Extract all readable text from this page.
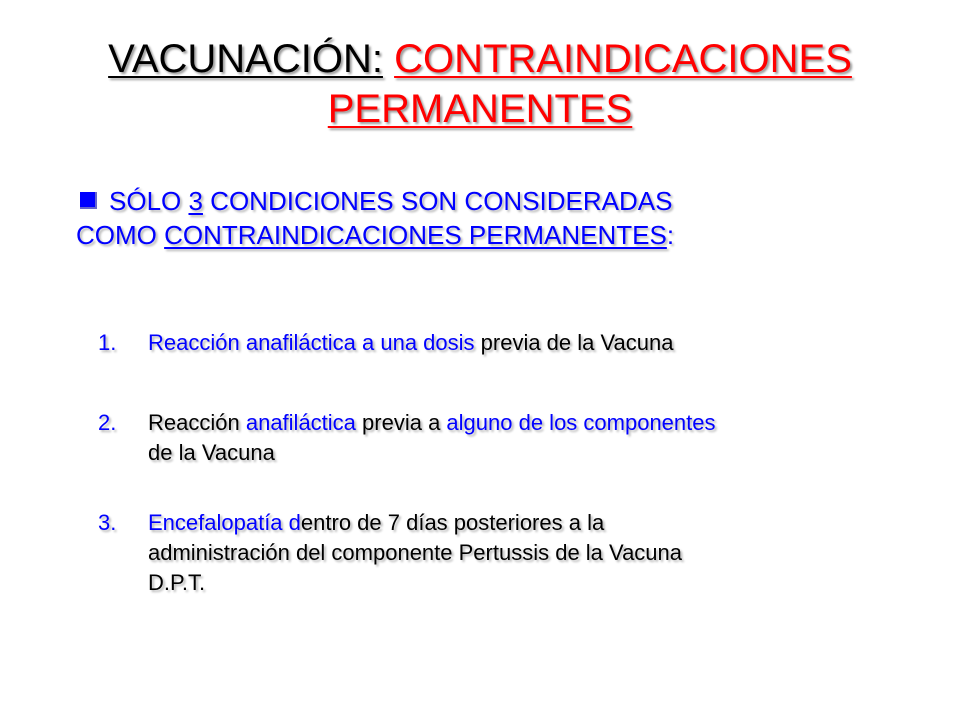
VACUNACIÓN: CONTRAINDICACIONES
PERMANENTES
SÓLO 3 CONDICIONES SON CONSIDERADAS
COMO CONTRAINDICACIONES PERMANENTES:
1.	Reacción anafiláctica a una dosis previa de la Vacuna
2.	Reacción anafiláctica previa a alguno de los componentes
de la Vacuna
3.	Encefalopatía dentro de 7 días posteriores a la
administración del componente Pertussis de la Vacuna
D.P.T.
